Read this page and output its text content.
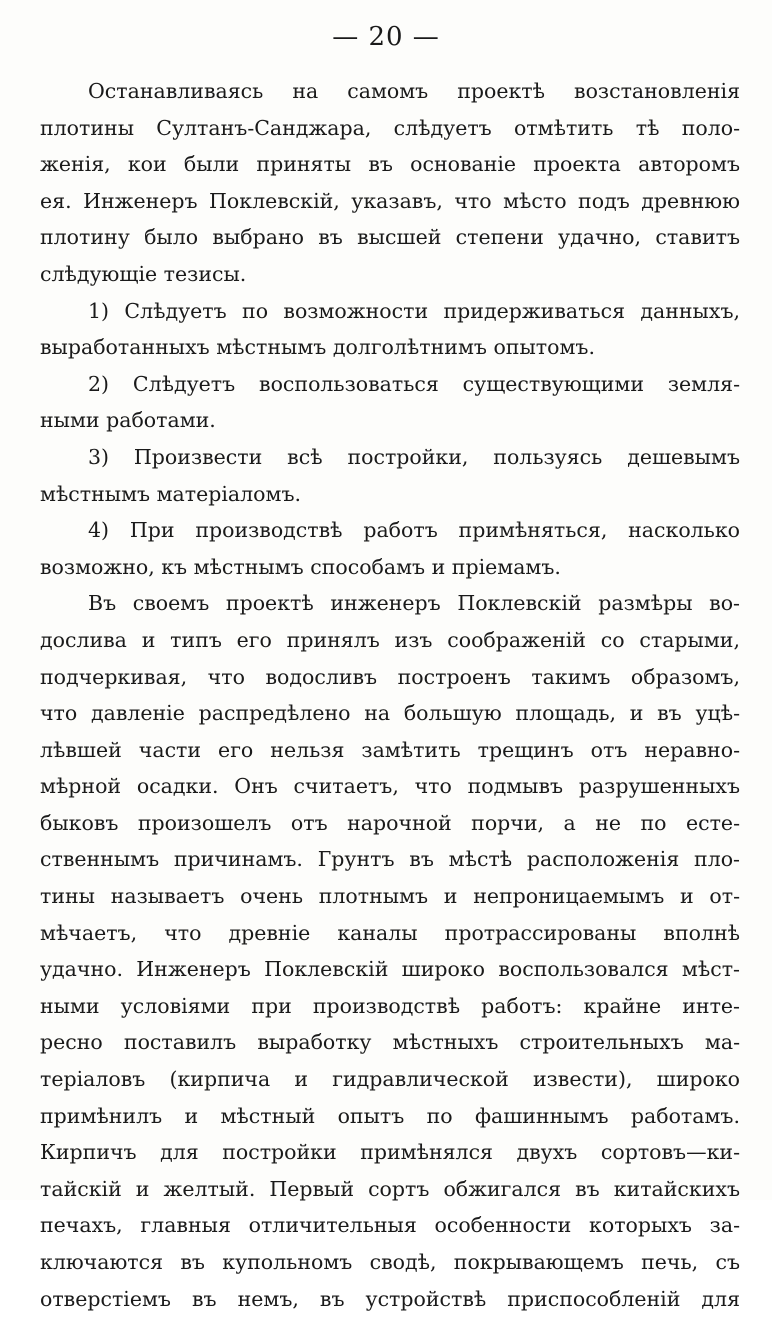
— 20 —
Останавливаясь на самомъ проектѣ возстановленія
плотины Султанъ-Санджара, слѣдуетъ отмѣтить тѣ поло-
женія, кои были приняты въ основаніе проекта авторомъ
ея. Инженеръ Поклевскій, указавъ, что мѣсто подъ древнюю
плотину было выбрано въ высшей степени удачно, ставитъ
слѣдующіе тезисы.
1) Слѣдуетъ по возможности придерживаться данныхъ,
выработанныхъ мѣстнымъ долголѣтнимъ опытомъ.
2) Слѣдуетъ воспользоваться существующими земля-
ными работами.
3) Произвести всѣ постройки, пользуясь дешевымъ
мѣстнымъ матеріаломъ.
4) При производствѣ работъ примѣняться, насколько
возможно, къ мѣстнымъ способамъ и пріемамъ.
Въ своемъ проектѣ инженеръ Поклевскій размѣры во-
дослива и типъ его принялъ изъ соображеній со старыми,
подчеркивая, что водосливъ построенъ такимъ образомъ,
что давленіе распредѣлено на большую площадь, и въ уцѣ-
лѣвшей части его нельзя замѣтить трещинъ отъ неравно-
мѣрной осадки. Онъ считаетъ, что подмывъ разрушенныхъ
быковъ произошелъ отъ нарочной порчи, а не по есте-
ственнымъ причинамъ. Грунтъ въ мѣстѣ расположенія пло-
тины называетъ очень плотнымъ и непроницаемымъ и от-
мѣчаетъ, что древніе каналы протрассированы вполнѣ
удачно. Инженеръ Поклевскій широко воспользовался мѣст-
ными условіями при производствѣ работъ: крайне инте-
ресно поставилъ выработку мѣстныхъ строительныхъ ма-
теріаловъ (кирпича и гидравлической извести), широко
примѣнилъ и мѣстный опытъ по фашиннымъ работамъ.
Кирпичъ для постройки примѣнялся двухъ сортовъ—ки-
тайскій и желтый. Первый сортъ обжигался въ китайскихъ
печахъ, главныя отличительныя особенности которыхъ за-
ключаются въ купольномъ сводѣ, покрывающемъ печь, съ
отверстіемъ въ немъ, въ устройствѣ приспособленій для
